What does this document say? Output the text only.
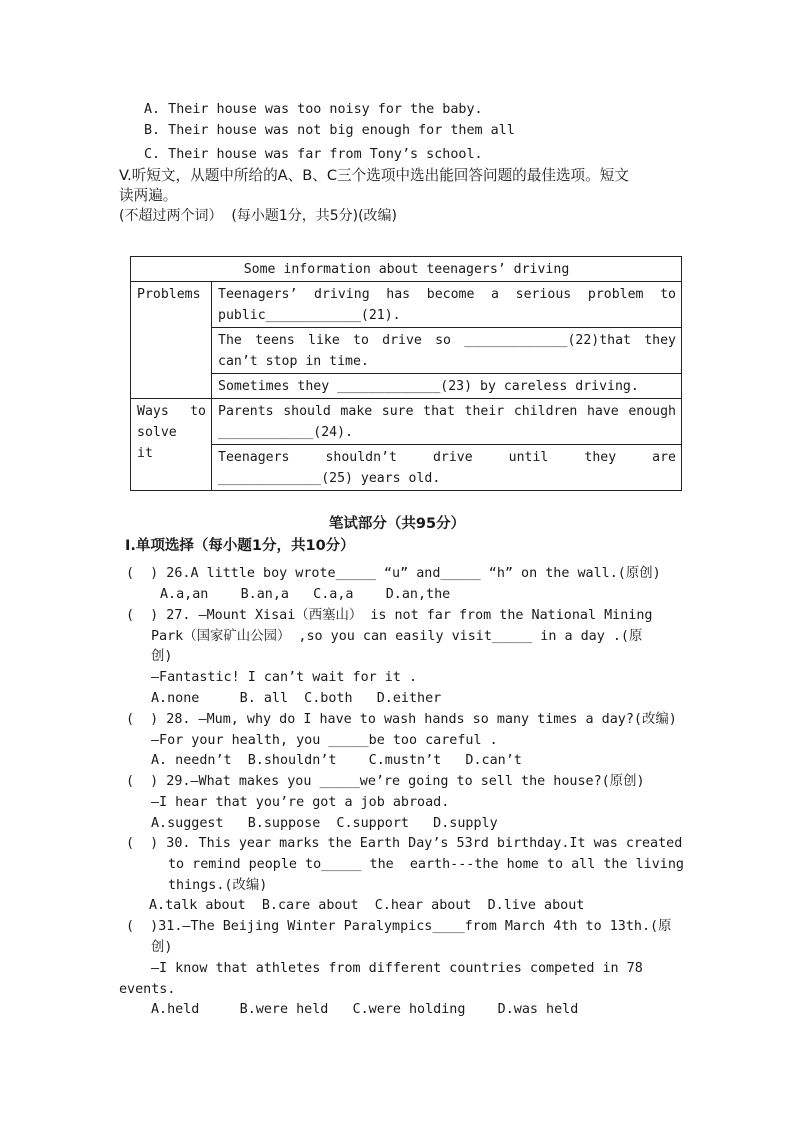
A. Their house was too noisy for the baby.
B. Their house was not big enough for them all
C. Their house was far from Tony’s school.
V.听短文，从题中所给的A、B、C三个选项中选出能回答问题的最佳选项。短文
读两遍。
(不超过两个词）  (每小题1分，共5分)(改编)
Some information about teenagers’ driving	
Problems	Teenagers’ driving has become a serious problem to
public____________(21).

	The teens like to drive so _____________(22)that they
can’t stop in time.
	Sometimes they _____________(23) by careless driving.

Ways to
solve
it	Parents should make sure that their children have enough
____________(24).

	Teenagers shouldn’t drive until they are
_____________(25) years old.
笔试部分（共95分）
I.单项选择（每小题1分，共10分）
(  ) 26.A little boy wrote_____ “u” and_____ “h” on the wall.(原创)
A.a,an    B.an,a   C.a,a    D.an,the
(  ) 27. —Mount Xisai（西塞山） is not far from the National Mining
Park（国家矿山公园） ,so you can easily visit_____ in a day .(原
创)
—Fantastic! I can’t wait for it .
A.none     B. all  C.both   D.either
(  ) 28. —Mum, why do I have to wash hands so many times a day?(改编)
—For your health, you _____be too careful .
A. needn’t  B.shouldn’t    C.mustn’t   D.can’t
(  ) 29.—What makes you _____we’re going to sell the house?(原创)
—I hear that you’re got a job abroad.
A.suggest   B.suppose  C.support   D.supply
(  ) 30. This year marks the Earth Day’s 53rd birthday.It was created
to remind people to_____ the  earth---the home to all the living
things.(改编)
A.talk about  B.care about  C.hear about  D.live about
(  )31.—The Beijing Winter Paralympics____from March 4th to 13th.(原
创)
—I know that athletes from different countries competed in 78
events.
A.held     B.were held   C.were holding    D.was held
